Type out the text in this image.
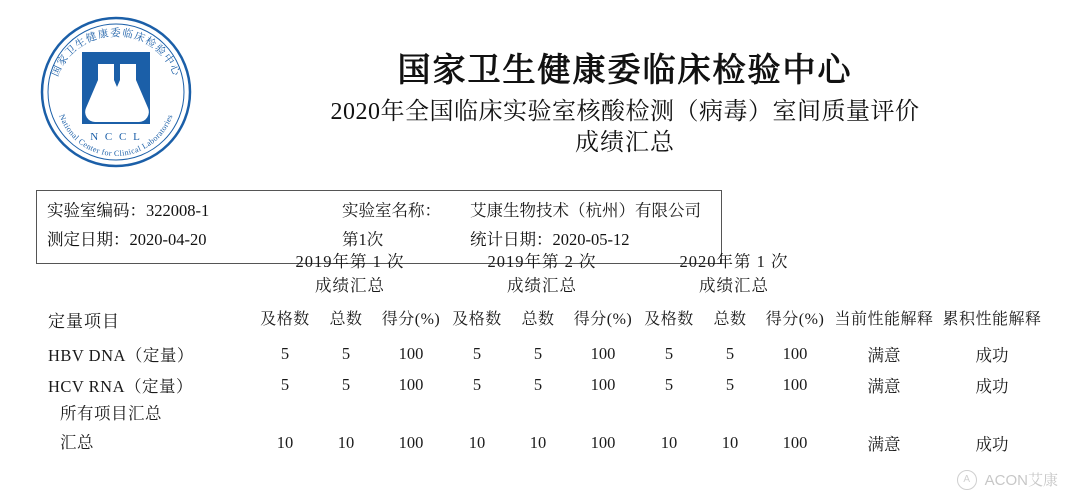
国家卫生健康委临床检验中心
National Center for Clinical Laboratories
N C C L
国家卫生健康委临床检验中心
2020年全国临床实验室核酸检测（病毒）室间质量评价
成绩汇总
实验室编码：322008-1	实验室名称：	艾康生物技术（杭州）有限公司
测定日期：2020-04-20	第1次	统计日期：2020-05-12

2019年第 1 次
成绩汇总

2019年第 2 次
成绩汇总

2020年第 1 次
成绩汇总

定量项目	及格数	总数	得分(%)	及格数	总数	得分(%)	及格数	总数	得分(%)	当前性能解释	累积性能解释
HBV DNA（定量）	5	5	100	5	5	100	5	5	100	满意	成功
HCV RNA（定量）	5	5	100	5	5	100	5	5	100	满意	成功
所有项目汇总											
汇总	10	10	100	10	10	100	10	10	100	满意	成功
A ACON艾康
